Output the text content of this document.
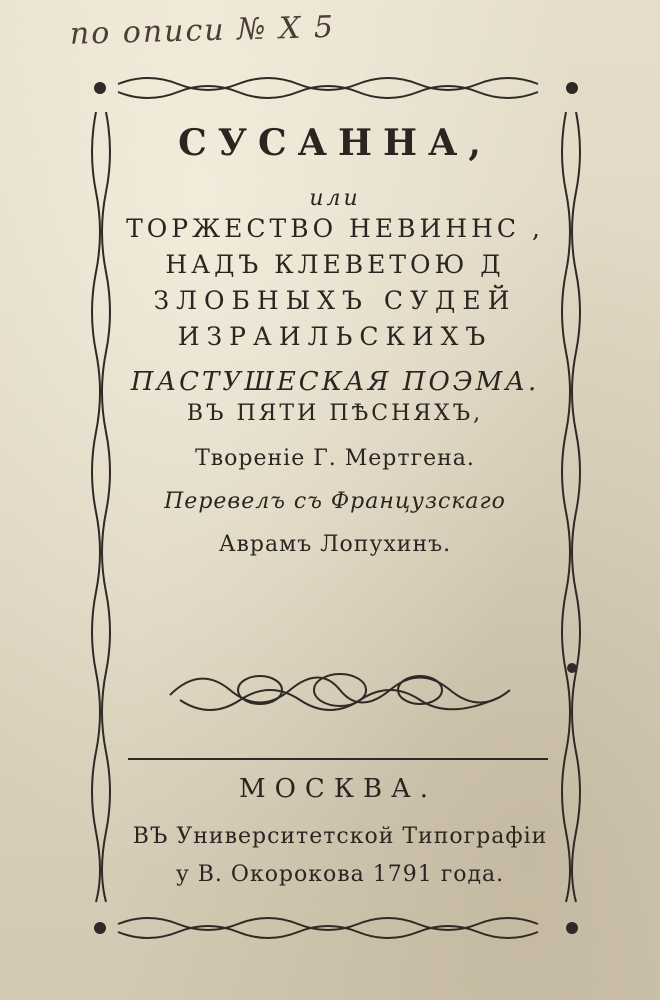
по описи № X 5
СУСАННА,
или
ТОРЖЕСТВО НЕВИННС ,
НАДЪ КЛЕВЕТОЮ Д
ЗЛОБНЫХЪ СУДЕЙ
ИЗРАИЛЬСКИХЪ
ПАСТУШЕСКАЯ ПОЭМА.
ВЪ ПЯТИ ПѢСНЯХЪ,
Творенiе Г. Мертгена.
Перевелъ съ Французскаго
Аврамъ Лопухинъ.
МОСКВА.
ВЪ Университетской Типографiи
у В. Окорокова 1791 года.
